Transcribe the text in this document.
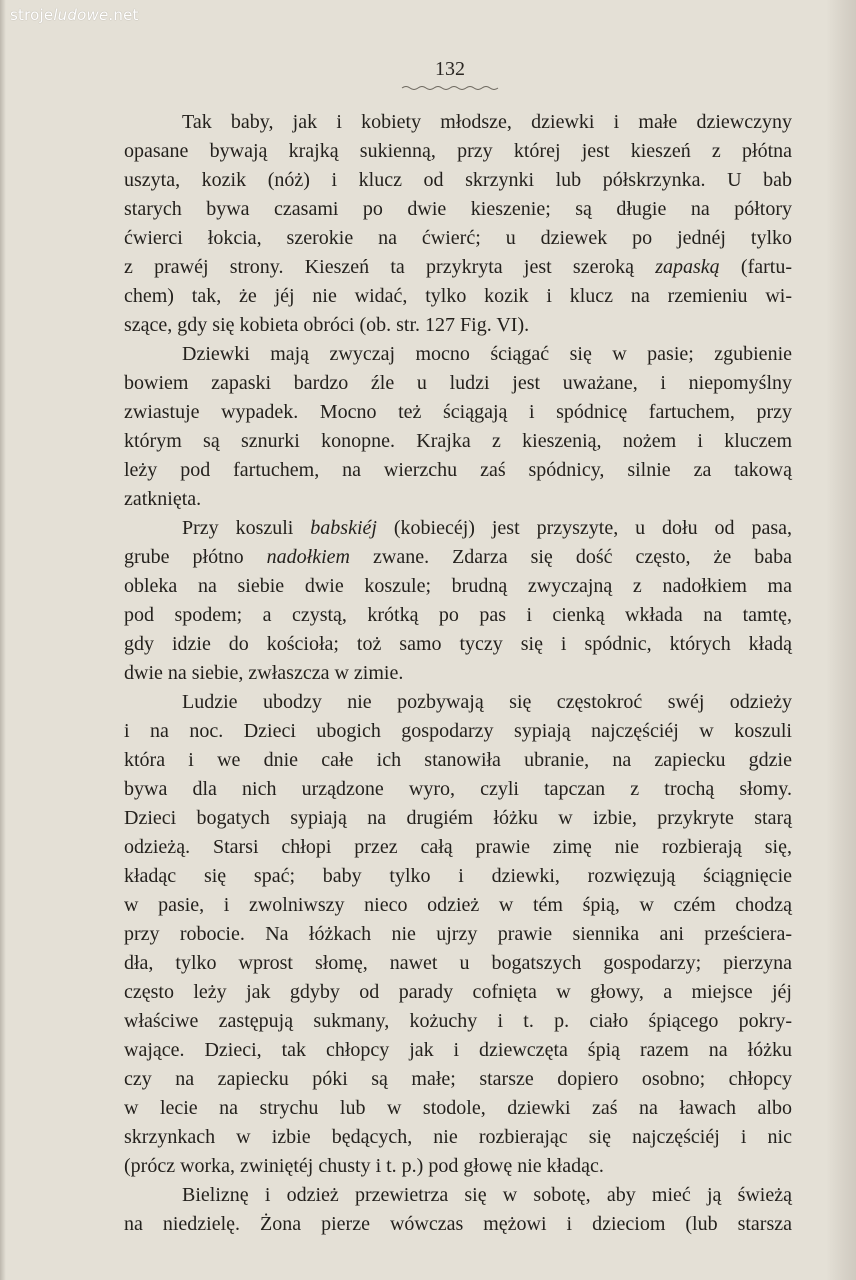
strojeludowe.net
132
Tak baby, jak i kobiety młodsze, dziewki i małe dziewczyny
opasane bywają krajką sukienną, przy której jest kieszeń z płótna
uszyta, kozik (nóż) i klucz od skrzynki lub półskrzynka. U bab
starych bywa czasami po dwie kieszenie; są długie na półtory
ćwierci łokcia, szerokie na ćwierć; u dziewek po jednéj tylko
z prawéj strony. Kieszeń ta przykryta jest szeroką zapaską (fartu-
chem) tak, że jéj nie widać, tylko kozik i klucz na rzemieniu wi-
szące, gdy się kobieta obróci (ob. str. 127 Fig. VI).
Dziewki mają zwyczaj mocno ściągać się w pasie; zgubienie
bowiem zapaski bardzo źle u ludzi jest uważane, i niepomyślny
zwiastuje wypadek. Mocno też ściągają i spódnicę fartuchem, przy
którym są sznurki konopne. Krajka z kieszenią, nożem i kluczem
leży pod fartuchem, na wierzchu zaś spódnicy, silnie za takową
zatknięta.
Przy koszuli babskiéj (kobiecéj) jest przyszyte, u dołu od pasa,
grube płótno nadołkiem zwane. Zdarza się dość często, że baba
obleka na siebie dwie koszule; brudną zwyczajną z nadołkiem ma
pod spodem; a czystą, krótką po pas i cienką wkłada na tamtę,
gdy idzie do kościoła; toż samo tyczy się i spódnic, których kładą
dwie na siebie, zwłaszcza w zimie.
Ludzie ubodzy nie pozbywają się częstokroć swéj odzieży
i na noc. Dzieci ubogich gospodarzy sypiają najczęściéj w koszuli
która i we dnie całe ich stanowiła ubranie, na zapiecku gdzie
bywa dla nich urządzone wyro, czyli tapczan z trochą słomy.
Dzieci bogatych sypiają na drugiém łóżku w izbie, przykryte starą
odzieżą. Starsi chłopi przez całą prawie zimę nie rozbierają się,
kładąc się spać; baby tylko i dziewki, rozwięzują ściągnięcie
w pasie, i zwolniwszy nieco odzież w tém śpią, w czém chodzą
przy robocie. Na łóżkach nie ujrzy prawie siennika ani prześciera-
dła, tylko wprost słomę, nawet u bogatszych gospodarzy; pierzyna
często leży jak gdyby od parady cofnięta w głowy, a miejsce jéj
właściwe zastępują sukmany, kożuchy i t. p. ciało śpiącego pokry-
wające. Dzieci, tak chłopcy jak i dziewczęta śpią razem na łóżku
czy na zapiecku póki są małe; starsze dopiero osobno; chłopcy
w lecie na strychu lub w stodole, dziewki zaś na ławach albo
skrzynkach w izbie będących, nie rozbierając się najczęściéj i nic
(prócz worka, zwiniętéj chusty i t. p.) pod głowę nie kładąc.
Bieliznę i odzież przewietrza się w sobotę, aby mieć ją świeżą
na niedzielę. Żona pierze wówczas mężowi i dzieciom (lub starsza
